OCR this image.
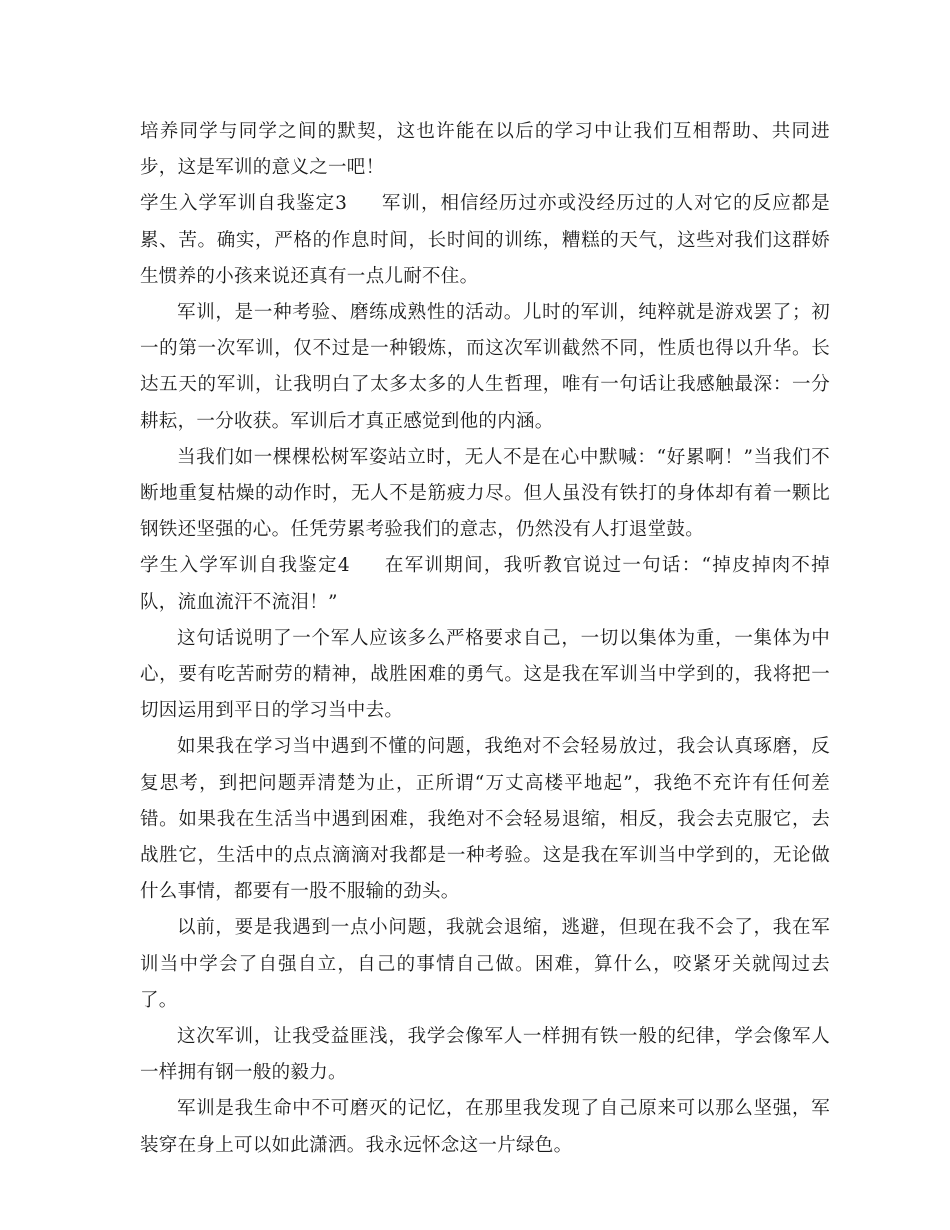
培养同学与同学之间的默契，这也许能在以后的学习中让我们互相帮助、共同进步，这是军训的意义之一吧！

学生入学军训自我鉴定3 军训，相信经历过亦或没经历过的人对它的反应都是累、苦。确实，严格的作息时间，长时间的训练，糟糕的天气，这些对我们这群娇生惯养的小孩来说还真有一点儿耐不住。

军训，是一种考验、磨练成熟性的活动。儿时的军训，纯粹就是游戏罢了；初一的第一次军训，仅不过是一种锻炼，而这次军训截然不同，性质也得以升华。长达五天的军训，让我明白了太多太多的人生哲理，唯有一句话让我感触最深：一分耕耘，一分收获。军训后才真正感觉到他的内涵。

当我们如一棵棵松树军姿站立时，无人不是在心中默喊：“好累啊！”当我们不断地重复枯燥的动作时，无人不是筋疲力尽。但人虽没有铁打的身体却有着一颗比钢铁还坚强的心。任凭劳累考验我们的意志，仍然没有人打退堂鼓。

学生入学军训自我鉴定4 在军训期间，我听教官说过一句话：“掉皮掉肉不掉队，流血流汗不流泪！”

这句话说明了一个军人应该多么严格要求自己，一切以集体为重，一集体为中心，要有吃苦耐劳的精神，战胜困难的勇气。这是我在军训当中学到的，我将把一切因运用到平日的学习当中去。

如果我在学习当中遇到不懂的问题，我绝对不会轻易放过，我会认真琢磨，反复思考，到把问题弄清楚为止，正所谓“万丈高楼平地起”，我绝不充许有任何差错。如果我在生活当中遇到困难，我绝对不会轻易退缩，相反，我会去克服它，去战胜它，生活中的点点滴滴对我都是一种考验。这是我在军训当中学到的，无论做什么事情，都要有一股不服输的劲头。

以前，要是我遇到一点小问题，我就会退缩，逃避，但现在我不会了，我在军训当中学会了自强自立，自己的事情自己做。困难，算什么，咬紧牙关就闯过去了。

这次军训，让我受益匪浅，我学会像军人一样拥有铁一般的纪律，学会像军人一样拥有钢一般的毅力。

军训是我生命中不可磨灭的记忆，在那里我发现了自己原来可以那么坚强，军装穿在身上可以如此潇洒。我永远怀念这一片绿色。
